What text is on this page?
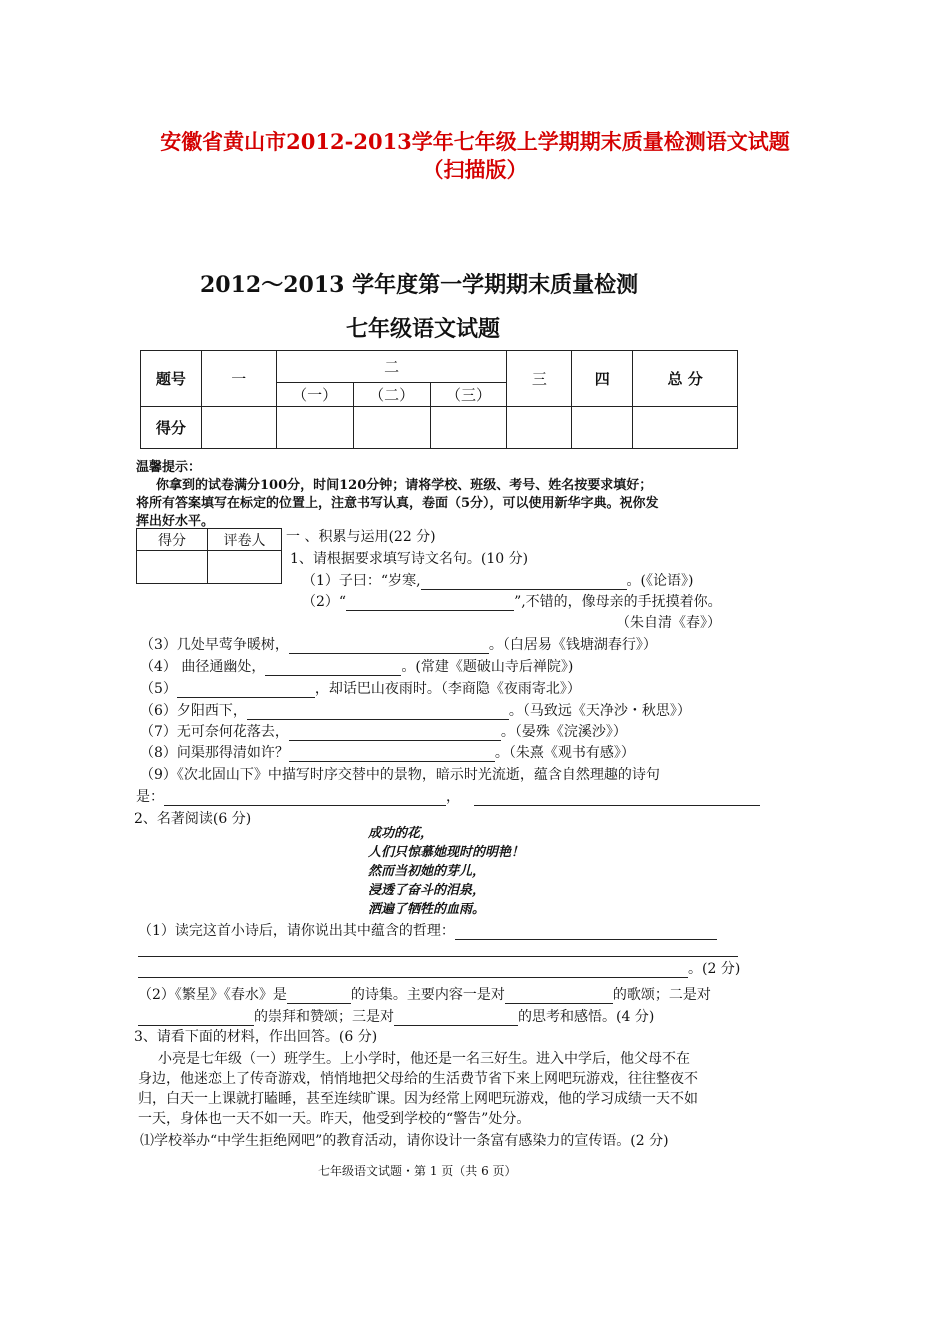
安徽省黄山市2012-2013学年七年级上学期期末质量检测语文试题
（扫描版）
2012～2013 学年度第一学期期末质量检测
七年级语文试题
题号	一	二			三	四	总 分
		（一）	（二）	（三）			
得分							
温馨提示：
你拿到的试卷满分100分，时间120分钟；请将学校、班级、考号、姓名按要求填好；
将所有答案填写在标定的位置上，注意书写认真，卷面（5分），可以使用新华字典。祝你发
挥出好水平。
得分	评卷人
	一 、积累与运用(22 分)
1、请根据要求填写诗文名句。(10 分)
（1）子曰：“岁寒,	。(《论语》)
（2）“	”,不错的，像母亲的手抚摸着你。
（朱自清《春》）
（3）几处早莺争暖树，	。（白居易《钱塘湖春行》）
（4） 曲径通幽处，	。(常建《题破山寺后禅院》)
（5）	，却话巴山夜雨时。（李商隐《夜雨寄北》）
（6）夕阳西下，	。（马致远《天净沙・秋思》）
（7）无可奈何花落去，	。（晏殊《浣溪沙》）
（8）问渠那得清如许？	。（朱熹《观书有感》）
（9）《次北固山下》中描写时序交替中的景物，暗示时光流逝，蕴含自然理趣的诗句
是：	，
2、名著阅读(6 分)
成功的花，
人们只惊慕她现时的明艳！
然而当初她的芽儿，
浸透了奋斗的泪泉，
洒遍了牺牲的血雨。
（1）读完这首小诗后，请你说出其中蕴含的哲理：
。(2 分)
（2）《繁星》《春水》是	的诗集。主要内容一是对	的歌颂；二是对
的崇拜和赞颂；三是对	的思考和感悟。(4 分)
3、请看下面的材料，作出回答。(6 分)
小亮是七年级（一）班学生。上小学时，他还是一名三好生。进入中学后，他父母不在
身边，他迷恋上了传奇游戏，悄悄地把父母给的生活费节省下来上网吧玩游戏，往往整夜不
归，白天一上课就打瞌睡，甚至连续旷课。因为经常上网吧玩游戏，他的学习成绩一天不如
一天，身体也一天不如一天。昨天，他受到学校的“警告”处分。
⑴学校举办“中学生拒绝网吧”的教育活动，请你设计一条富有感染力的宣传语。(2 分)
七年级语文试题・第 1 页（共 6 页）
